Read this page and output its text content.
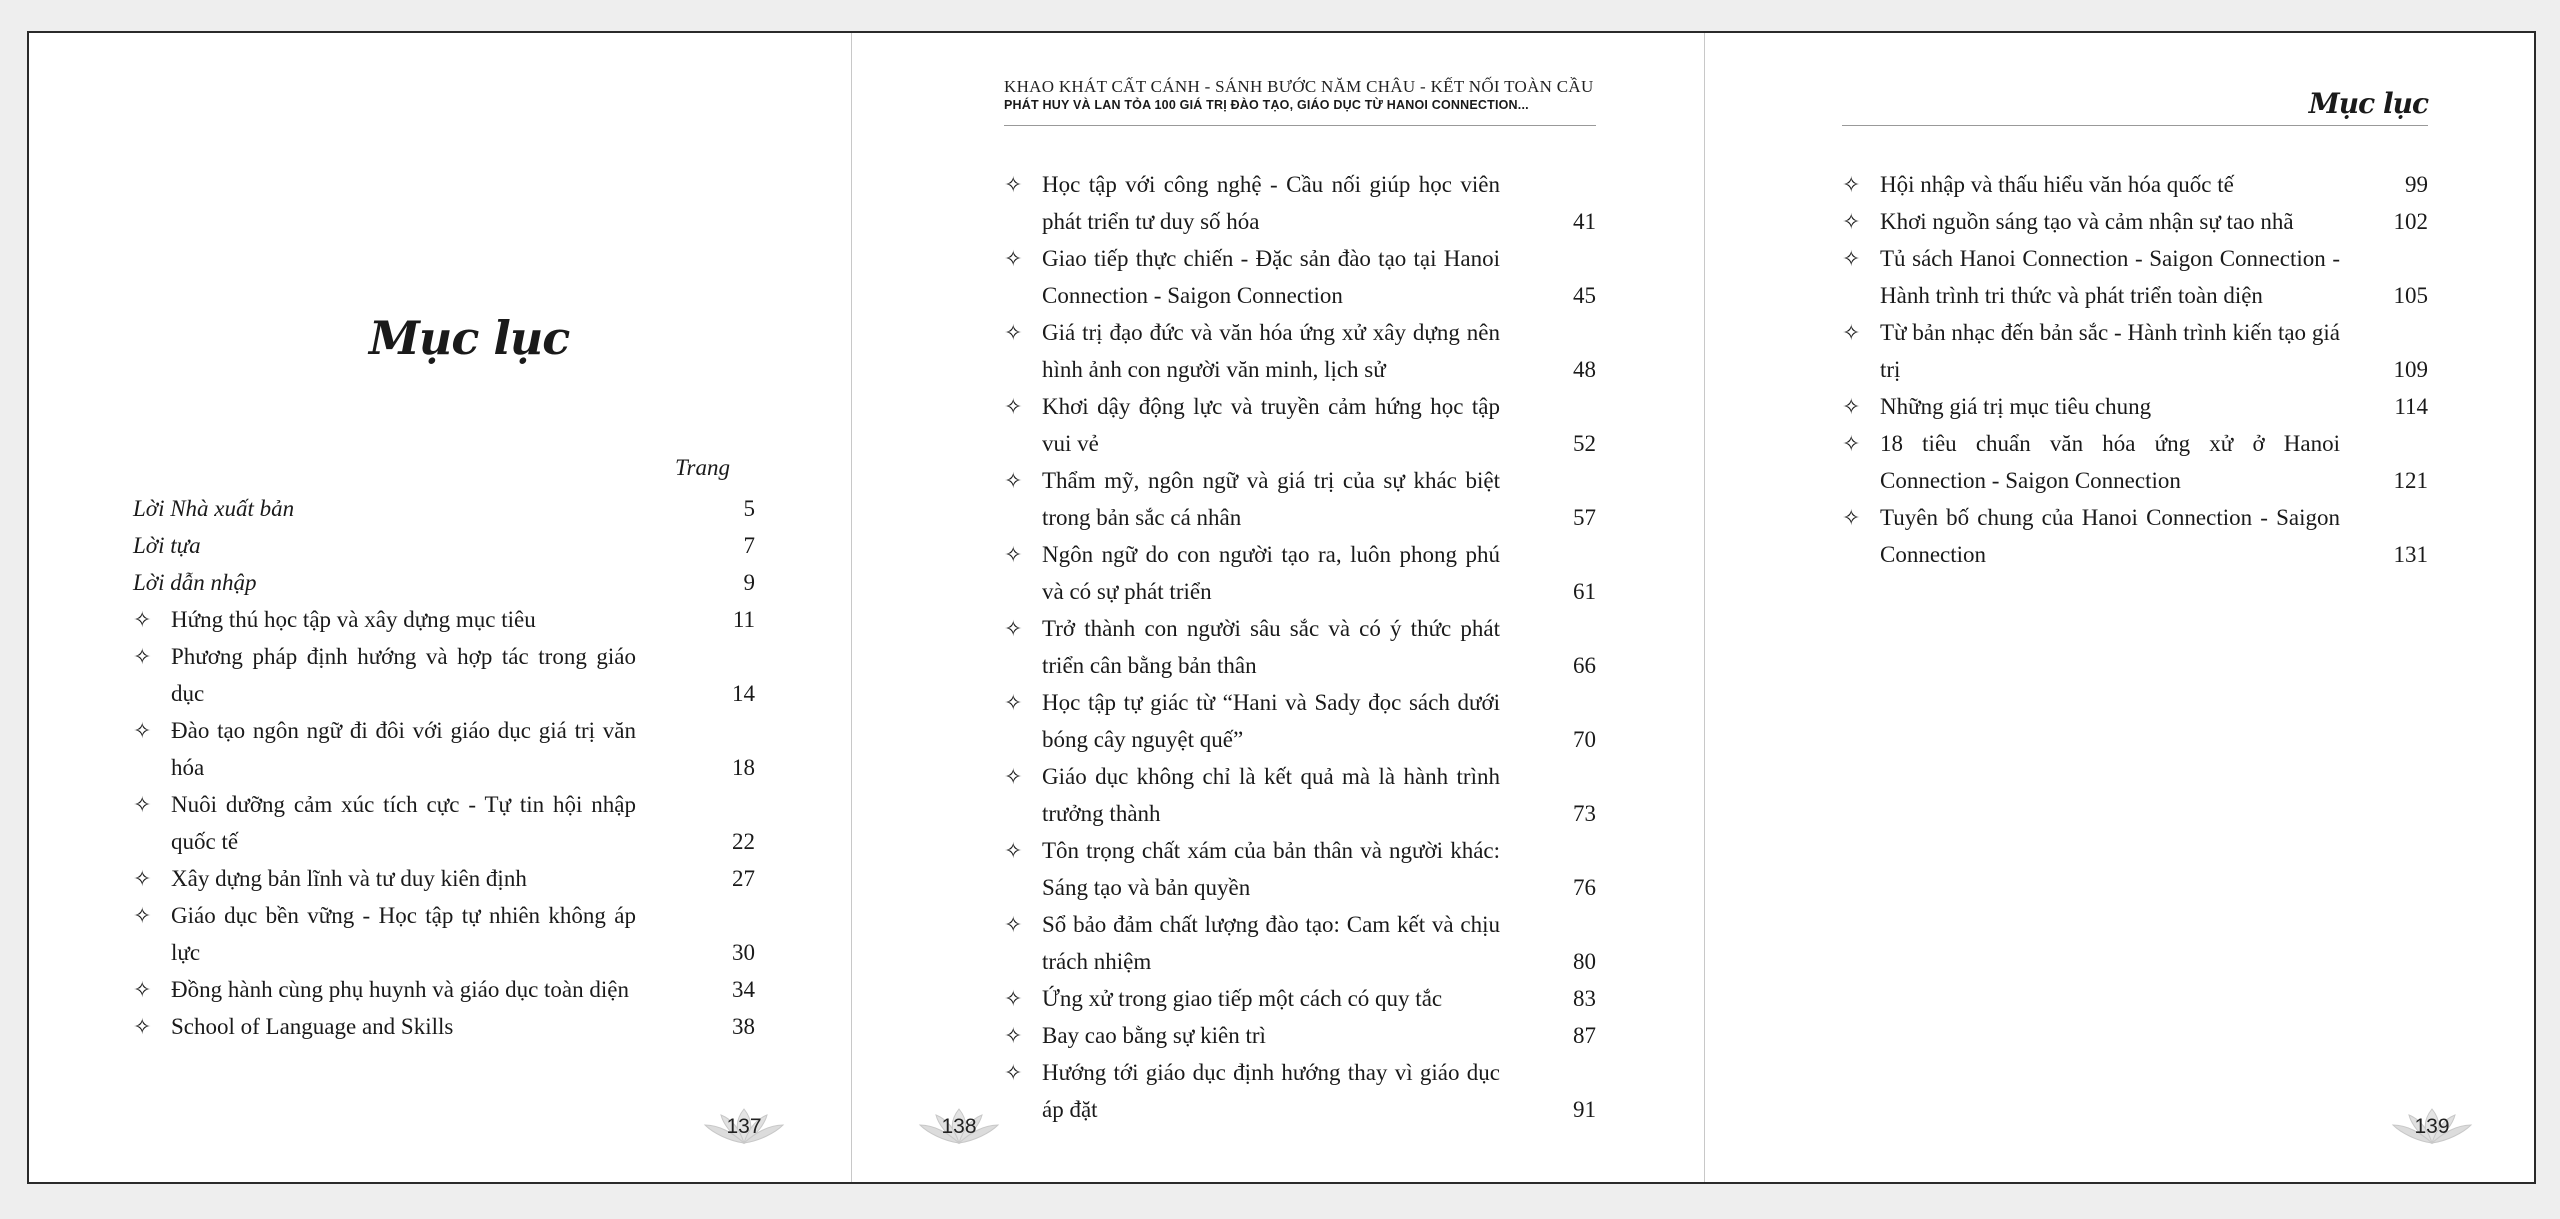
Mục lục
Trang
Lời Nhà xuất bản	5
Lời tựa	7
Lời dẫn nhập	9
✧ Hứng thú học tập và xây dựng mục tiêu	11
✧ Phương pháp định hướng và hợp tác trong giáo dục	14
✧ Đào tạo ngôn ngữ đi đôi với giáo dục giá trị văn hóa	18
✧ Nuôi dưỡng cảm xúc tích cực - Tự tin hội nhập quốc tế	22
✧ Xây dựng bản lĩnh và tư duy kiên định	27
✧ Giáo dục bền vững - Học tập tự nhiên không áp lực	30
✧ Đồng hành cùng phụ huynh và giáo dục toàn diện	34
✧ School of Language and Skills	38
137
KHAO KHÁT CẤT CÁNH - SÁNH BƯỚC NĂM CHÂU - KẾT NỐI TOÀN CẦU
PHÁT HUY VÀ LAN TỎA 100 GIÁ TRỊ ĐÀO TẠO, GIÁO DỤC TỪ HANOI CONNECTION...
✧ Học tập với công nghệ - Cầu nối giúp học viên phát triển tư duy số hóa	41
✧ Giao tiếp thực chiến - Đặc sản đào tạo tại Hanoi Connection - Saigon Connection	45
✧ Giá trị đạo đức và văn hóa ứng xử xây dựng nên hình ảnh con người văn minh, lịch sử	48
✧ Khơi dậy động lực và truyền cảm hứng học tập vui vẻ	52
✧ Thẩm mỹ, ngôn ngữ và giá trị của sự khác biệt trong bản sắc cá nhân	57
✧ Ngôn ngữ do con người tạo ra, luôn phong phú và có sự phát triển	61
✧ Trở thành con người sâu sắc và có ý thức phát triển cân bằng bản thân	66
✧ Học tập tự giác từ “Hani và Sady đọc sách dưới bóng cây nguyệt quế”	70
✧ Giáo dục không chỉ là kết quả mà là hành trình trưởng thành	73
✧ Tôn trọng chất xám của bản thân và người khác: Sáng tạo và bản quyền	76
✧ Sổ bảo đảm chất lượng đào tạo: Cam kết và chịu trách nhiệm	80
✧ Ứng xử trong giao tiếp một cách có quy tắc	83
✧ Bay cao bằng sự kiên trì	87
✧ Hướng tới giáo dục định hướng thay vì giáo dục áp đặt	91
138
Mục lục
✧ Hội nhập và thấu hiểu văn hóa quốc tế	99
✧ Khơi nguồn sáng tạo và cảm nhận sự tao nhã	102
✧ Tủ sách Hanoi Connection - Saigon Connection - Hành trình tri thức và phát triển toàn diện	105
✧ Từ bản nhạc đến bản sắc - Hành trình kiến tạo giá trị	109
✧ Những giá trị mục tiêu chung	114
✧ 18 tiêu chuẩn văn hóa ứng xử ở Hanoi Connection - Saigon Connection	121
✧ Tuyên bố chung của Hanoi Connection - Saigon Connection	131
139
